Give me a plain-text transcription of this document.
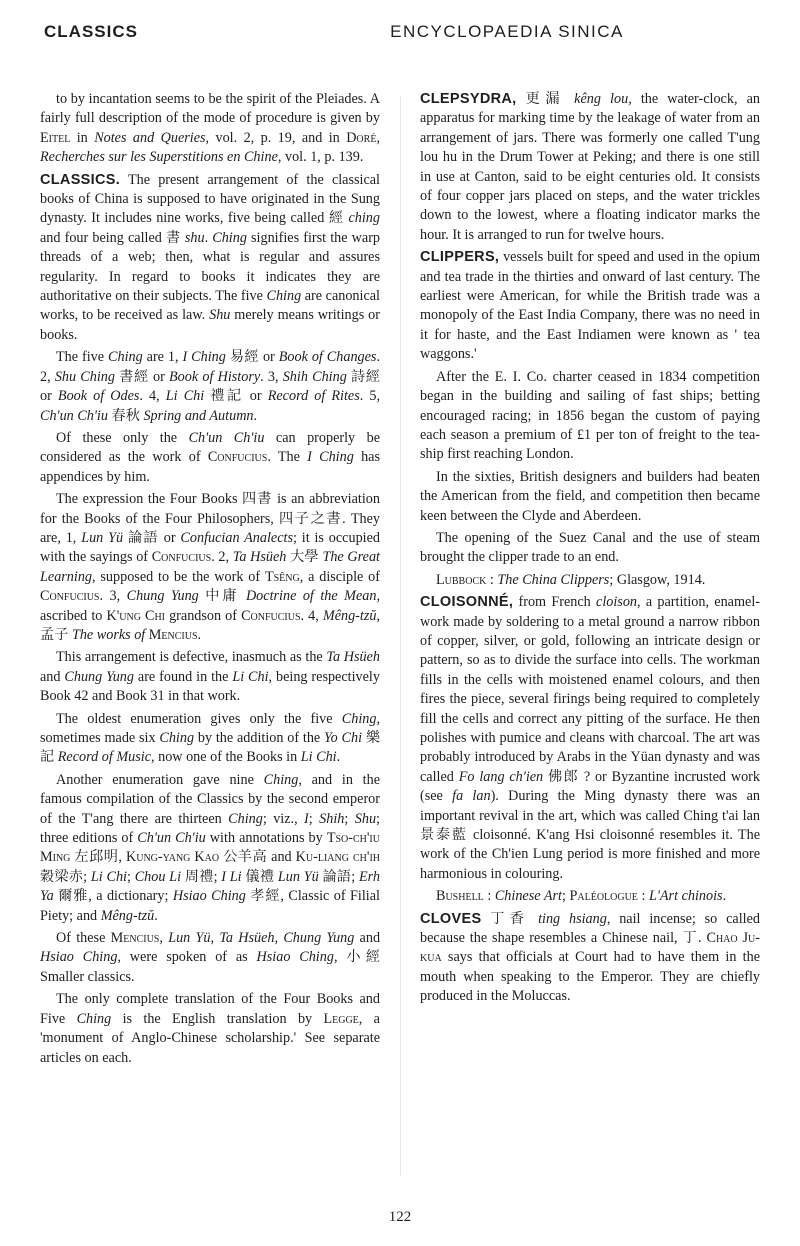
CLASSICS	ENCYCLOPAEDIA SINICA

to by incantation seems to be the spirit of the Pleiades. A fairly full description of the mode of procedure is given by Eitel in Notes and Queries, vol. 2, p. 19, and in Doré, Recherches sur les Superstitions en Chine, vol. 1, p. 139.

CLASSICS. The present arrangement of the classical books of China is supposed to have originated in the Sung dynasty. It includes nine works, five being called 經 ching and four being called 書 shu. Ching signifies first the warp threads of a web; then, what is regular and assures regularity. In regard to books it indicates they are authoritative on their subjects. The five Ching are canonical works, to be received as law. Shu merely means writings or books.

The five Ching are 1, I Ching 易經 or Book of Changes. 2, Shu Ching 書經 or Book of History. 3, Shih Ching 詩經 or Book of Odes. 4, Li Chi 禮記 or Record of Rites. 5, Ch'un Ch'iu 春秋 Spring and Autumn.

Of these only the Ch'un Ch'iu can properly be considered as the work of Confucius. The I Ching has appendices by him.

The expression the Four Books 四書 is an abbreviation for the Books of the Four Philosophers, 四子之書. They are, 1, Lun Yü 論語 or Confucian Analects; it is occupied with the sayings of Confucius. 2, Ta Hsüeh 大學 The Great Learning, supposed to be the work of Tsêng, a disciple of Confucius. 3, Chung Yung 中庸 Doctrine of the Mean, ascribed to K'ung Chi grandson of Confucius. 4, Mêng-tzŭ, 孟子 The works of Mencius.

This arrangement is defective, inasmuch as the Ta Hsüeh and Chung Yung are found in the Li Chi, being respectively Book 42 and Book 31 in that work.

The oldest enumeration gives only the five Ching, sometimes made six Ching by the addition of the Yo Chi 樂記 Record of Music, now one of the Books in Li Chi.

Another enumeration gave nine Ching, and in the famous compilation of the Classics by the second emperor of the T'ang there are thirteen Ching; viz., I; Shih; Shu; three editions of Ch'un Ch'iu with annotations by Tso-ch'iu Ming 左邱明, Kung-yang Kao 公羊高 and Ku-liang ch'ih 穀梁赤; Li Chi; Chou Li 周禮; I Li 儀禮 Lun Yü 論語; Erh Ya 爾雅, a dictionary; Hsiao Ching 孝經, Classic of Filial Piety; and Mêng-tzŭ.

Of these Mencius, Lun Yü, Ta Hsüeh, Chung Yung and Hsiao Ching, were spoken of as Hsiao Ching, 小經 Smaller classics.

The only complete translation of the Four Books and Five Ching is the English translation by Legge, a 'monument of Anglo-Chinese scholarship.' See separate articles on each.

CLEPSYDRA, 更漏 kêng lou, the water-clock, an apparatus for marking time by the leakage of water from an arrangement of jars. There was formerly one called T'ung lou hu in the Drum Tower at Peking; and there is one still in use at Canton, said to be eight centuries old. It consists of four copper jars placed on steps, and the water trickles down to the lowest, where a floating indicator marks the hour. It is arranged to run for twelve hours.

CLIPPERS, vessels built for speed and used in the opium and tea trade in the thirties and onward of last century. The earliest were American, for while the British trade was a monopoly of the East India Company, there was no need in it for haste, and the East Indiamen were known as ' tea waggons.'

After the E. I. Co. charter ceased in 1834 competition began in the building and sailing of fast ships; betting encouraged racing; in 1856 began the custom of paying each season a premium of £1 per ton of freight to the tea-ship first reaching London.

In the sixties, British designers and builders had beaten the American from the field, and competition then became keen between the Clyde and Aberdeen.

The opening of the Suez Canal and the use of steam brought the clipper trade to an end.

Lubbock : The China Clippers; Glasgow, 1914.

CLOISONNÉ, from French cloison, a partition, enamel-work made by soldering to a metal ground a narrow ribbon of copper, silver, or gold, following an intricate design or pattern, so as to divide the surface into cells. The workman fills in the cells with moistened enamel colours, and then fires the piece, several firings being required to completely fill the cells and correct any pitting of the surface. He then polishes with pumice and cleans with charcoal. The art was probably introduced by Arabs in the Yüan dynasty and was called Fo lang ch'ien 佛郎 ? or Byzantine incrusted work (see fa lan). During the Ming dynasty there was an important revival in the art, which was called Ching t'ai lan 景泰藍 cloisonné. K'ang Hsi cloisonné resembles it. The work of the Ch'ien Lung period is more finished and more harmonious in colouring.

Bushell : Chinese Art; Paléologue : L'Art chinois.

CLOVES 丁香 ting hsiang, nail incense; so called because the shape resembles a Chinese nail, 丁. Chao Ju-kua says that officials at Court had to have them in the mouth when speaking to the Emperor. They are chiefly produced in the Moluccas.

122
